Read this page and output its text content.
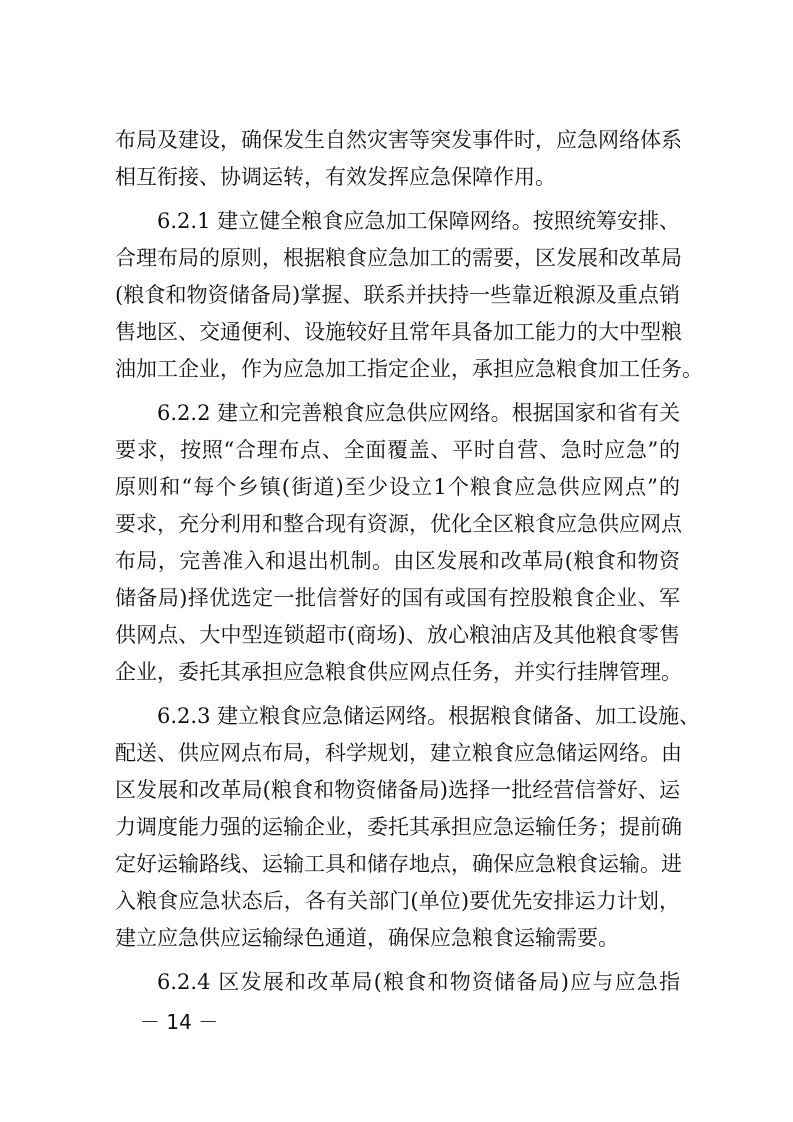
布局及建设，确保发生自然灾害等突发事件时，应急网络体系
相互衔接、协调运转，有效发挥应急保障作用。
6.2.1 建立健全粮食应急加工保障网络。按照统筹安排、
合理布局的原则，根据粮食应急加工的需要，区发展和改革局
(粮食和物资储备局)掌握、联系并扶持一些靠近粮源及重点销
售地区、交通便利、设施较好且常年具备加工能力的大中型粮
油加工企业，作为应急加工指定企业，承担应急粮食加工任务。
6.2.2 建立和完善粮食应急供应网络。根据国家和省有关
要求，按照“合理布点、全面覆盖、平时自营、急时应急”的
原则和“每个乡镇(街道)至少设立1个粮食应急供应网点”的
要求，充分利用和整合现有资源，优化全区粮食应急供应网点
布局，完善准入和退出机制。由区发展和改革局(粮食和物资
储备局)择优选定一批信誉好的国有或国有控股粮食企业、军
供网点、大中型连锁超市(商场)、放心粮油店及其他粮食零售
企业，委托其承担应急粮食供应网点任务，并实行挂牌管理。
6.2.3 建立粮食应急储运网络。根据粮食储备、加工设施、
配送、供应网点布局，科学规划，建立粮食应急储运网络。由
区发展和改革局(粮食和物资储备局)选择一批经营信誉好、运
力调度能力强的运输企业，委托其承担应急运输任务；提前确
定好运输路线、运输工具和储存地点，确保应急粮食运输。进
入粮食应急状态后，各有关部门(单位)要优先安排运力计划，
建立应急供应运输绿色通道，确保应急粮食运输需要。
6.2.4 区发展和改革局(粮食和物资储备局)应与应急指
－ 14 －
